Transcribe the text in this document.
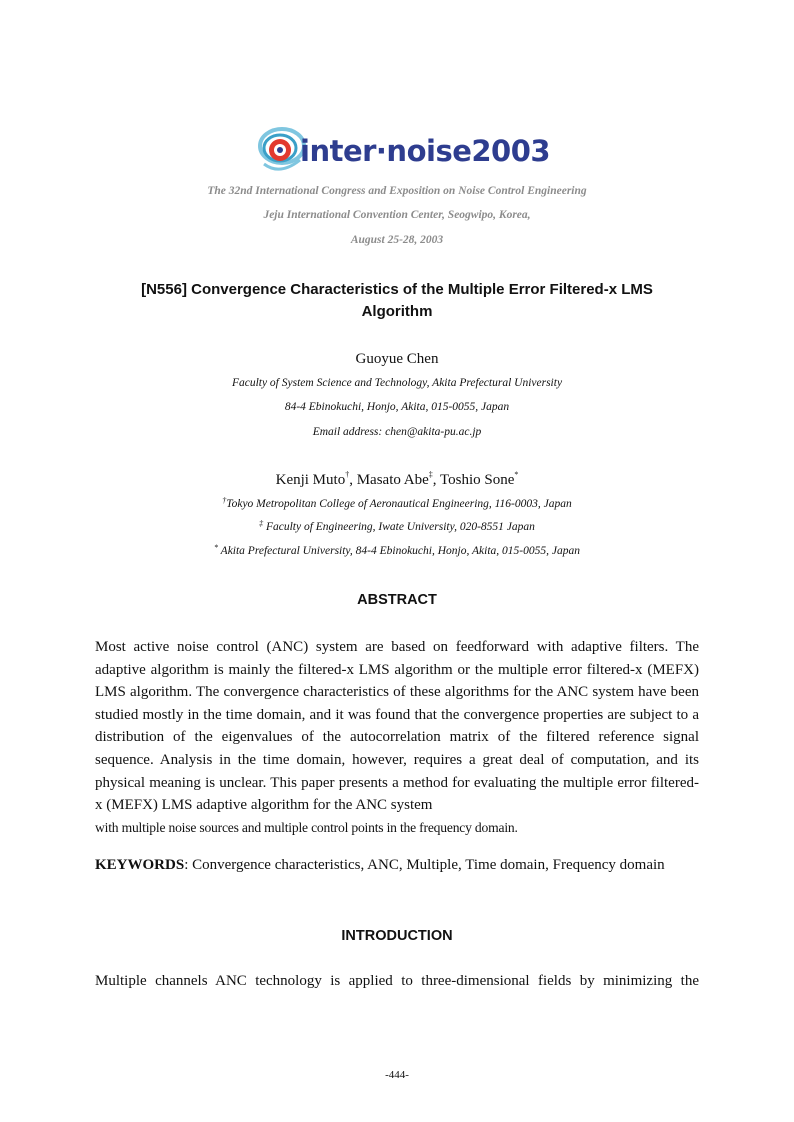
inter·noise2003
The 32nd International Congress and Exposition on Noise Control Engineering
Jeju International Convention Center, Seogwipo, Korea,
August 25-28, 2003
[N556] Convergence Characteristics of the Multiple Error Filtered-x LMS
Algorithm
Guoyue Chen
Faculty of System Science and Technology, Akita Prefectural University
84-4 Ebinokuchi, Honjo, Akita, 015-0055, Japan
Email address: chen@akita-pu.ac.jp
Kenji Muto†, Masato Abe‡, Toshio Sone*
†Tokyo Metropolitan College of Aeronautical Engineering, 116-0003, Japan
‡ Faculty of Engineering, Iwate University, 020-8551 Japan
* Akita Prefectural University, 84-4 Ebinokuchi, Honjo, Akita, 015-0055, Japan
ABSTRACT
Most active noise control (ANC) system are based on feedforward with adaptive filters. The adaptive algorithm is mainly the filtered-x LMS algorithm or the multiple error filtered-x (MEFX) LMS algorithm. The convergence characteristics of these algorithms for the ANC system have been studied mostly in the time domain, and it was found that the convergence properties are subject to a distribution of the eigenvalues of the autocorrelation matrix of the filtered reference signal sequence. Analysis in the time domain, however, requires a great deal of computation, and its physical meaning is unclear. This paper presents a method for evaluating the multiple error filtered-x (MEFX) LMS adaptive algorithm for the ANC system
with multiple noise sources and multiple control points in the frequency domain.
KEYWORDS: Convergence characteristics, ANC, Multiple, Time domain, Frequency domain
INTRODUCTION
Multiple channels ANC technology is applied to three-dimensional fields by minimizing the
-444-
